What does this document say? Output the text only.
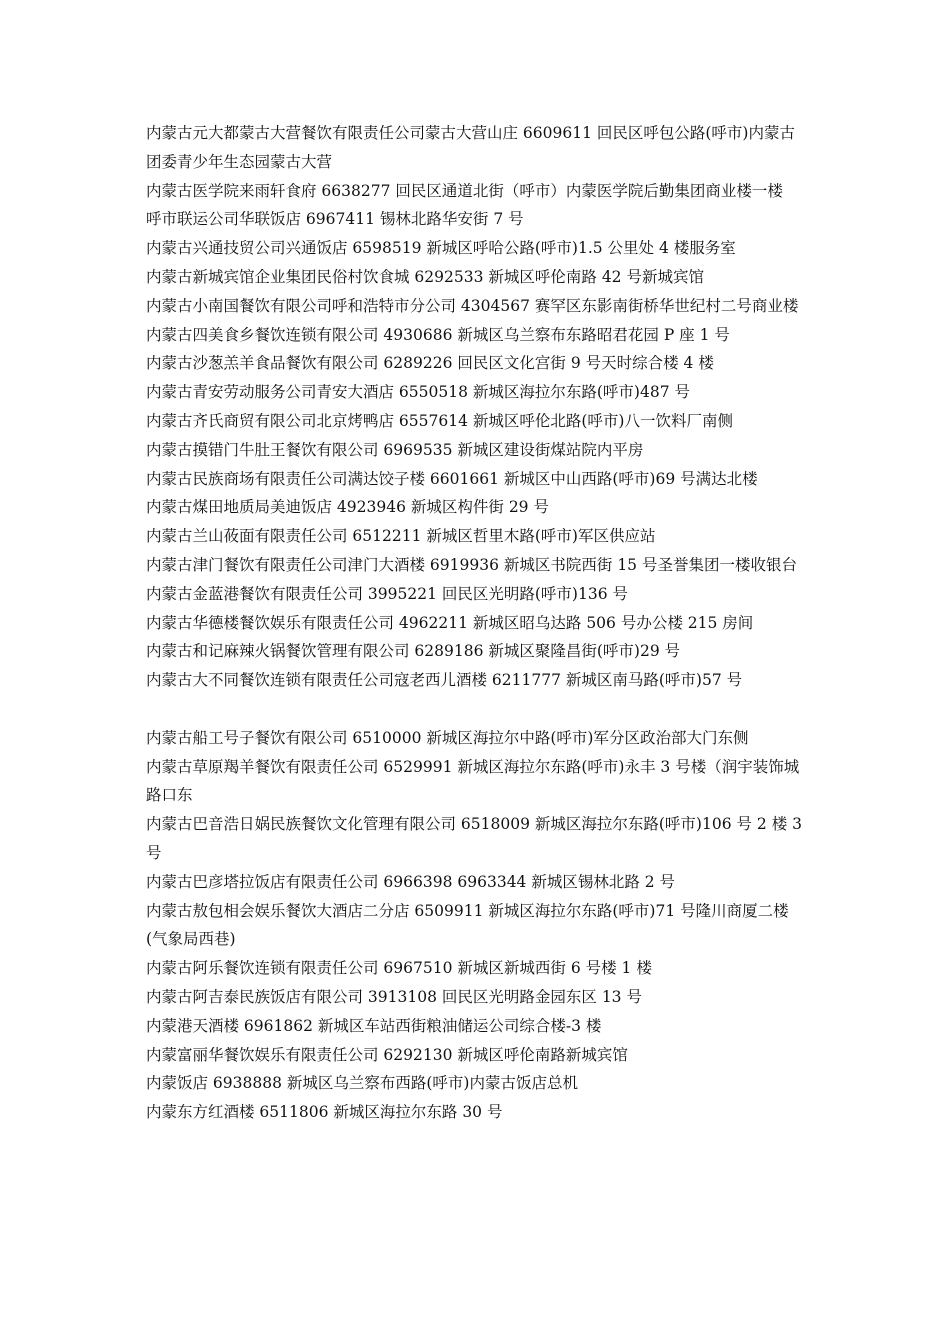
内蒙古元大都蒙古大营餐饮有限责任公司蒙古大营山庄 6609611 回民区呼包公路(呼市)内蒙古团委青少年生态园蒙古大营

内蒙古医学院来雨轩食府 6638277 回民区通道北街（呼市）内蒙医学院后勤集团商业楼一楼

呼市联运公司华联饭店 6967411 锡林北路华安街 7 号

内蒙古兴通技贸公司兴通饭店 6598519 新城区呼哈公路(呼市)1.5 公里处 4 楼服务室

内蒙古新城宾馆企业集团民俗村饮食城 6292533 新城区呼伦南路 42 号新城宾馆

内蒙古小南国餐饮有限公司呼和浩特市分公司 4304567 赛罕区东影南街桥华世纪村二号商业楼

内蒙古四美食乡餐饮连锁有限公司 4930686 新城区乌兰察布东路昭君花园 P 座 1 号

内蒙古沙葱羔羊食品餐饮有限公司 6289226 回民区文化宫街 9 号天时综合楼 4 楼

内蒙古青安劳动服务公司青安大酒店 6550518 新城区海拉尔东路(呼市)487 号

内蒙古齐氏商贸有限公司北京烤鸭店 6557614 新城区呼伦北路(呼市)八一饮料厂南侧

内蒙古摸错门牛肚王餐饮有限公司 6969535 新城区建设街煤站院内平房

内蒙古民族商场有限责任公司满达饺子楼 6601661 新城区中山西路(呼市)69 号满达北楼

内蒙古煤田地质局美迪饭店 4923946 新城区构件街 29 号

内蒙古兰山莜面有限责任公司 6512211 新城区哲里木路(呼市)军区供应站

内蒙古津门餐饮有限责任公司津门大酒楼 6919936 新城区书院西街 15 号圣誉集团一楼收银台

内蒙古金蓝港餐饮有限责任公司 3995221 回民区光明路(呼市)136 号

内蒙古华德楼餐饮娱乐有限责任公司 4962211 新城区昭乌达路 506 号办公楼 215 房间

内蒙古和记麻辣火锅餐饮管理有限公司 6289186 新城区聚隆昌街(呼市)29 号

内蒙古大不同餐饮连锁有限责任公司寇老西儿酒楼 6211777 新城区南马路(呼市)57 号

内蒙古船工号子餐饮有限公司 6510000 新城区海拉尔中路(呼市)军分区政治部大门东侧

内蒙古草原羯羊餐饮有限责任公司 6529991 新城区海拉尔东路(呼市)永丰 3 号楼（润宇装饰城路口东

内蒙古巴音浩日娲民族餐饮文化管理有限公司 6518009 新城区海拉尔东路(呼市)106 号 2 楼 3 号

内蒙古巴彦塔拉饭店有限责任公司 6966398 6963344 新城区锡林北路 2 号

内蒙古敖包相会娱乐餐饮大酒店二分店 6509911 新城区海拉尔东路(呼市)71 号隆川商厦二楼(气象局西巷)

内蒙古阿乐餐饮连锁有限责任公司 6967510 新城区新城西街 6 号楼 1 楼

内蒙古阿吉泰民族饭店有限公司 3913108 回民区光明路金园东区 13 号

内蒙港天酒楼 6961862 新城区车站西街粮油储运公司综合楼-3 楼

内蒙富丽华餐饮娱乐有限责任公司 6292130 新城区呼伦南路新城宾馆

内蒙饭店 6938888 新城区乌兰察布西路(呼市)内蒙古饭店总机

内蒙东方红酒楼 6511806 新城区海拉尔东路 30 号
